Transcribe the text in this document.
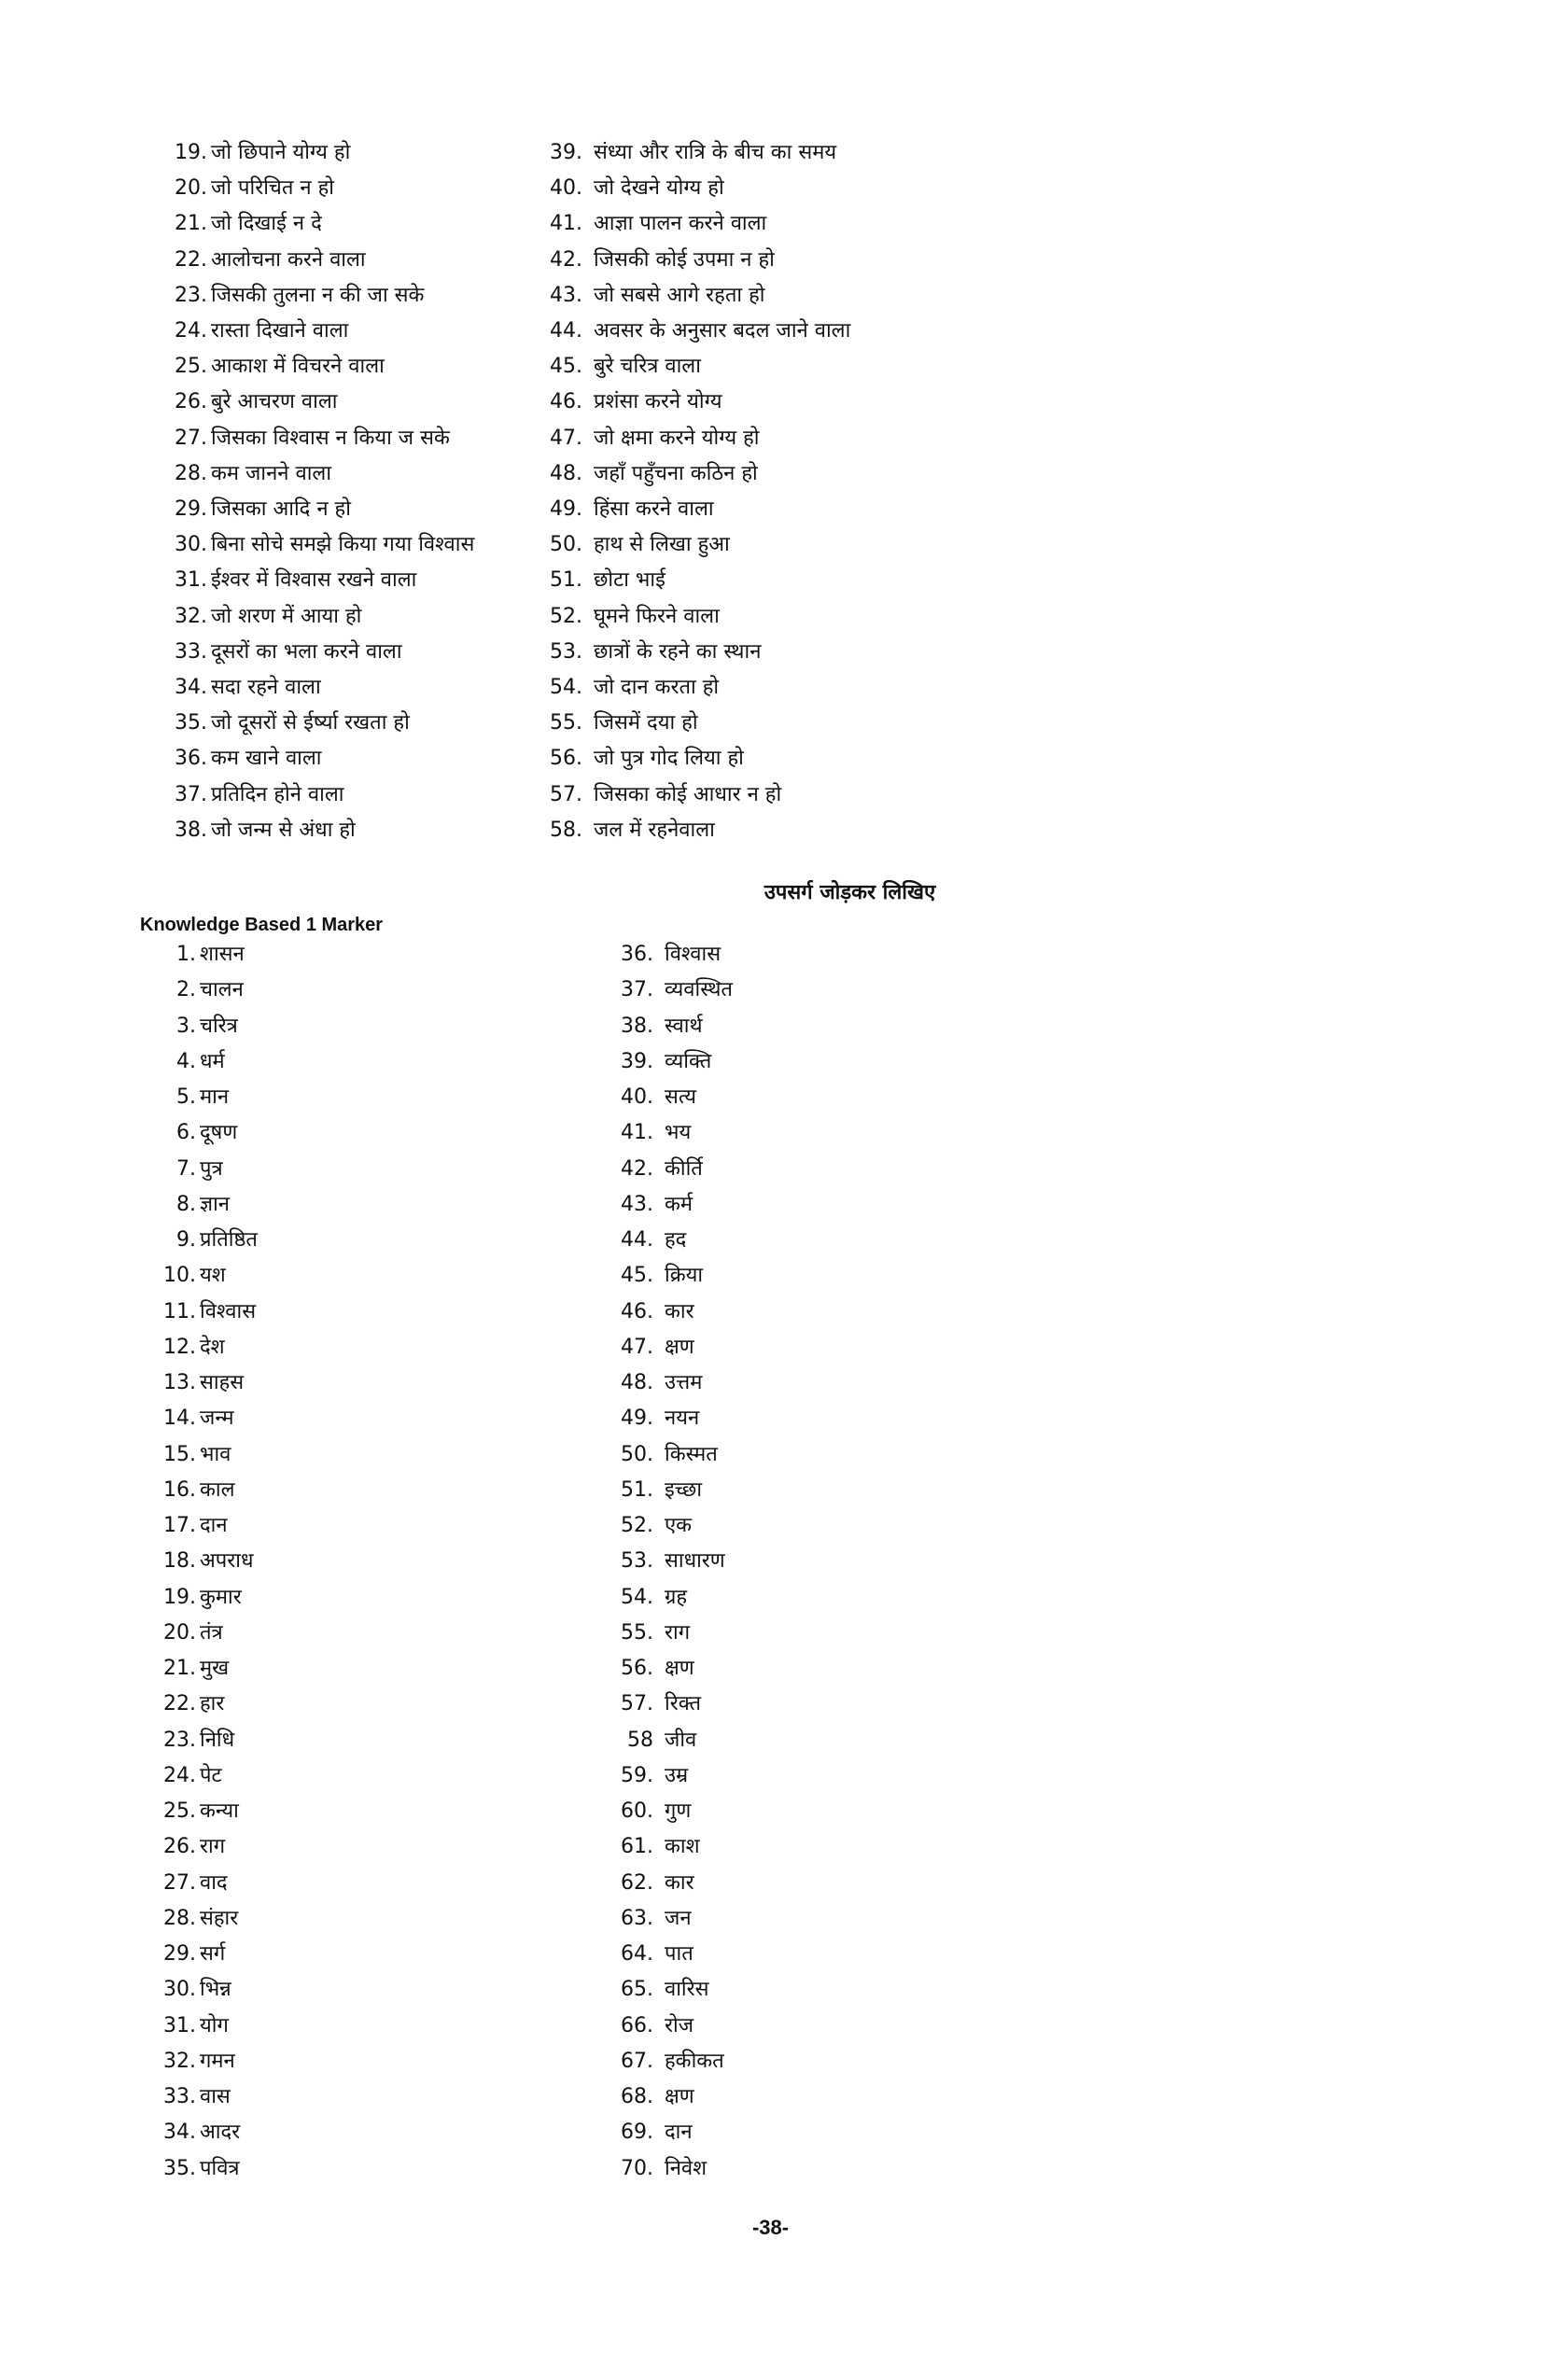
19. जो छिपाने योग्य हो
20. जो परिचित न हो
21. जो दिखाई न दे
22. आलोचना करने वाला
23. जिसकी तुलना न की जा सके
24. रास्ता दिखाने वाला
25. आकाश में विचरने वाला
26. बुरे आचरण वाला
27. जिसका विश्वास न किया ज सके
28. कम जानने वाला
29. जिसका आदि न हो
30. बिना सोचे समझे किया गया विश्वास
31. ईश्वर में विश्वास रखने वाला
32. जो शरण में आया हो
33. दूसरों का भला करने वाला
34. सदा रहने वाला
35. जो दूसरों से ईर्ष्या रखता हो
36. कम खाने वाला
37. प्रतिदिन होने वाला
38. जो जन्म से अंधा हो
39. संध्या और रात्रि के बीच का समय
40. जो देखने योग्य हो
41. आज्ञा पालन करने वाला
42. जिसकी कोई उपमा न हो
43. जो सबसे आगे रहता हो
44. अवसर के अनुसार बदल जाने वाला
45. बुरे चरित्र वाला
46. प्रशंसा करने योग्य
47. जो क्षमा करने योग्य हो
48. जहाँ पहुँचना कठिन हो
49. हिंसा करने वाला
50. हाथ से लिखा हुआ
51. छोटा भाई
52. घूमने फिरने वाला
53. छात्रों के रहने का स्थान
54. जो दान करता हो
55. जिसमें दया हो
56. जो पुत्र गोद लिया हो
57. जिसका कोई आधार न हो
58. जल में रहनेवाला
उपसर्ग जोड़कर लिखिए
Knowledge Based 1 Marker
1. शासन
2. चालन
3. चरित्र
4. धर्म
5. मान
6. दूषण
7. पुत्र
8. ज्ञान
9. प्रतिष्ठित
10. यश
11. विश्वास
12. देश
13. साहस
14. जन्म
15. भाव
16. काल
17. दान
18. अपराध
19. कुमार
20. तंत्र
21. मुख
22. हार
23. निधि
24. पेट
25. कन्या
26. राग
27. वाद
28. संहार
29. सर्ग
30. भिन्न
31. योग
32. गमन
33. वास
34. आदर
35. पवित्र
36. विश्वास
37. व्यवस्थित
38. स्वार्थ
39. व्यक्ति
40. सत्य
41. भय
42. कीर्ति
43. कर्म
44. हद
45. क्रिया
46. कार
47. क्षण
48. उत्तम
49. नयन
50. किस्मत
51. इच्छा
52. एक
53. साधारण
54. ग्रह
55. राग
56. क्षण
57. रिक्त
58 जीव
59. उम्र
60. गुण
61. काश
62. कार
63. जन
64. पात
65. वारिस
66. रोज
67. हकीकत
68. क्षण
69. दान
70. निवेश
-38-
